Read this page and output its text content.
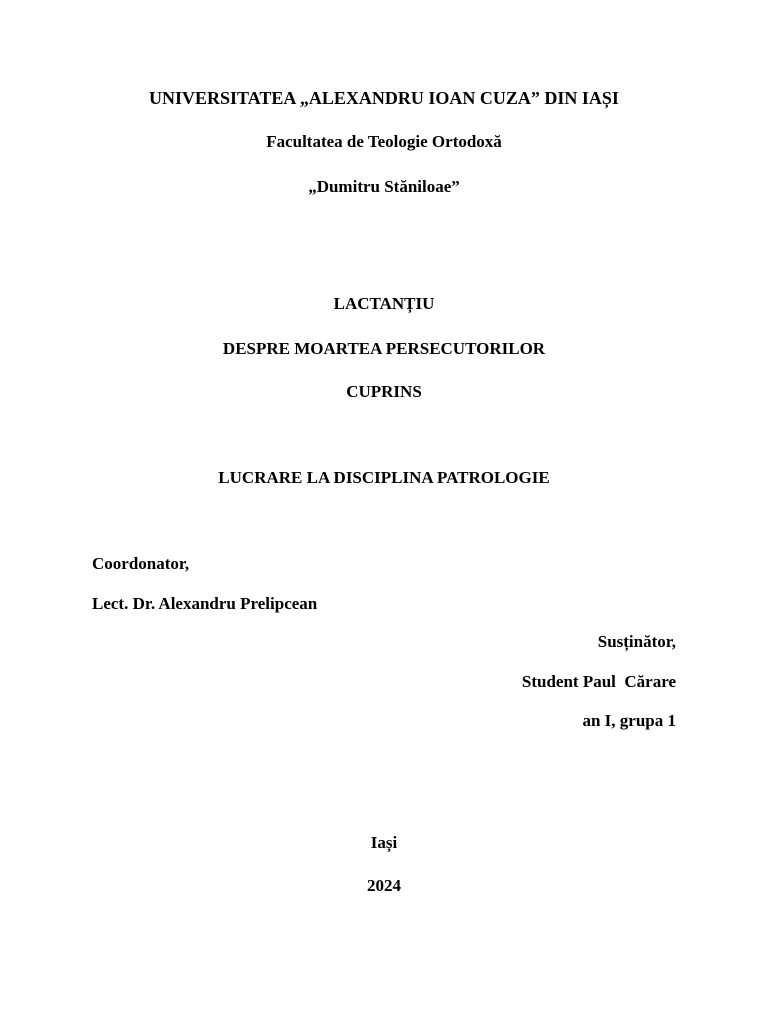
UNIVERSITATEA „ALEXANDRU IOAN CUZA” DIN IAȘI
Facultatea de Teologie Ortodoxă
„Dumitru Stăniloae”
LACTANȚIU
DESPRE MOARTEA PERSECUTORILOR
CUPRINS
LUCRARE LA DISCIPLINA PATROLOGIE
Coordonator,
Lect. Dr. Alexandru Prelipcean
Susținător,
Student Paul  Cărare
an I, grupa 1
Iași
2024
